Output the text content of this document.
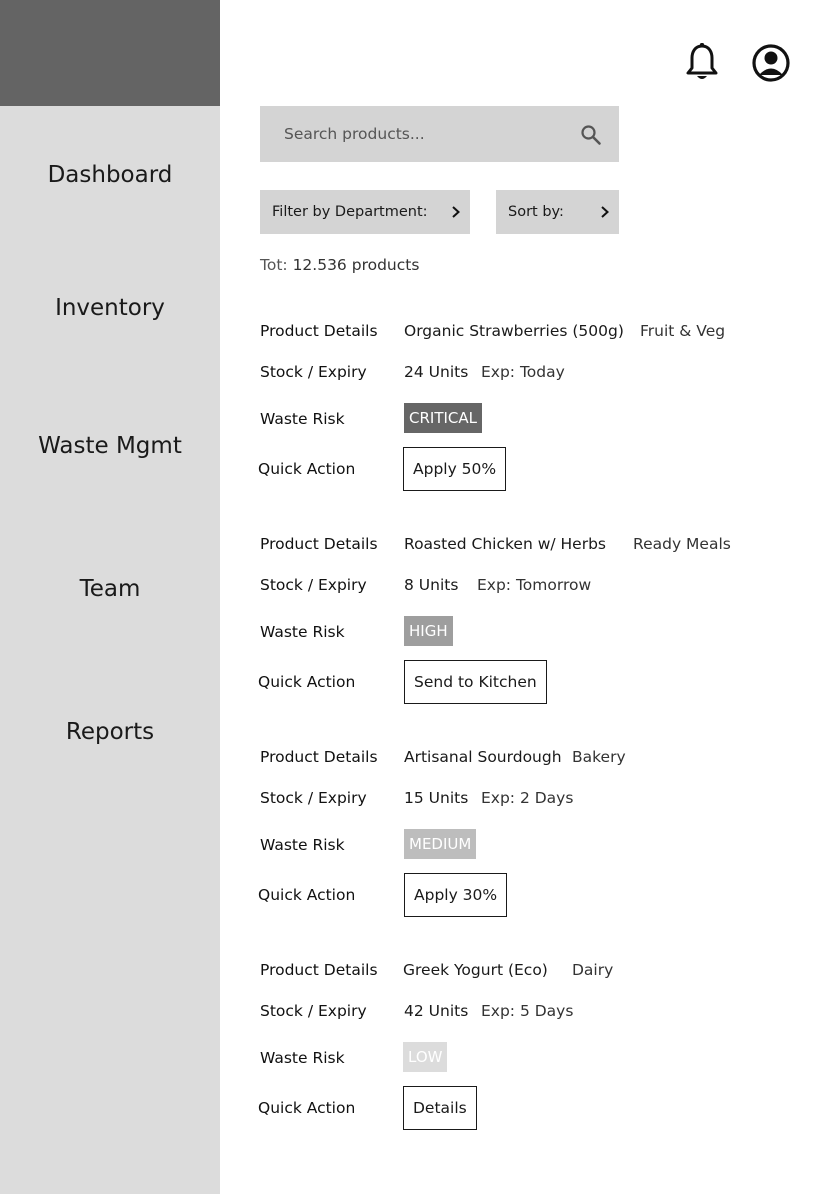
Dashboard
Inventory
Waste Mgmt
Team
Reports
Search products...
Filter by Department:	Sort by:
Tot: 12.536 products
Product Details Organic Strawberries (500g) Fruit & Veg
Stock / Expiry 24 Units Exp: Today
Waste Risk	CRITICAL
Quick Action	Apply 50%
Product Details Roasted Chicken w/ Herbs Ready Meals
Stock / Expiry 8 Units Exp: Tomorrow
Waste Risk	HIGH
Quick Action	Send to Kitchen
Product Details Artisanal Sourdough Bakery
Stock / Expiry 15 Units Exp: 2 Days
Waste Risk	MEDIUM
Quick Action	Apply 30%
Product Details Greek Yogurt (Eco) Dairy
Stock / Expiry 42 Units Exp: 5 Days
Waste Risk	LOW
Quick Action	Details
